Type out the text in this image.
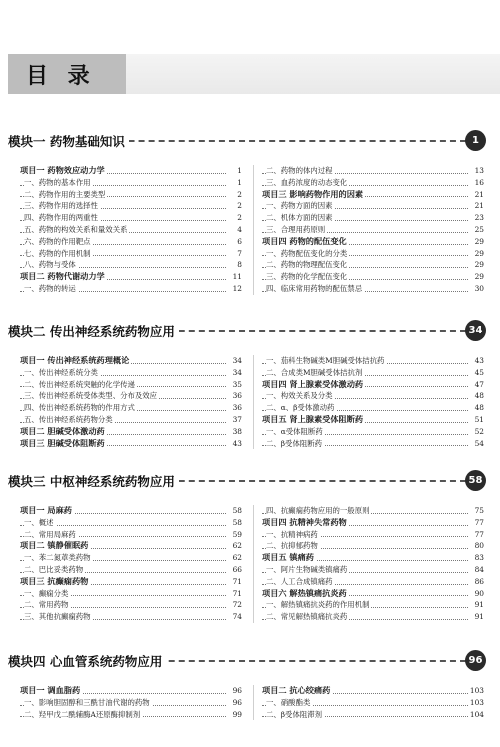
目 录
模块一 药物基础知识	1
项目一 药物效应动力学	1
一、药物的基本作用	1
二、药物作用的主要类型	2
三、药物作用的选择性	2
四、药物作用的两重性	2
五、药物的构效关系和量效关系	4
六、药物的作用靶点	6
七、药物的作用机制	7
八、药物与受体	8
项目二 药物代谢动力学	11
一、药物的转运	12
二、药物的体内过程	13
三、血药浓度的动态变化	16
项目三 影响药物作用的因素	21
一、药物方面的因素	21
二、机体方面的因素	23
三、合理用药原则	25
项目四 药物的配伍变化	29
一、药物配伍变化的分类	29
二、药物的物理配伍变化	29
三、药物的化学配伍变化	29
四、临床常用药物的配伍禁忌	30
模块二 传出神经系统药物应用	34
项目一 传出神经系统药理概论	34
一、传出神经系统分类	34
二、传出神经系统突触的化学传递	35
三、传出神经系统受体类型、分布及效应	36
四、传出神经系统药物的作用方式	36
五、传出神经系统药物分类	37
项目二 胆碱受体激动药	38
项目三 胆碱受体阻断药	43
一、茄科生物碱类M胆碱受体拮抗药	43
二、合成类M胆碱受体拮抗剂	45
项目四 肾上腺素受体激动药	47
一、构效关系及分类	48
二、α、β受体激动药	48
项目五 肾上腺素受体阻断药	51
一、α受体阻断药	52
二、β受体阻断药	54
模块三 中枢神经系统药物应用	58
项目一 局麻药	58
一、概述	58
二、常用局麻药	59
项目二 镇静催眠药	62
一、苯二氮䓬类药物	62
二、巴比妥类药物	66
项目三 抗癫痫药物	71
一、癫痫分类	71
二、常用药物	72
三、其他抗癫痫药物	74
四、抗癫痫药物应用的一般原则	75
项目四 抗精神失常药物	77
一、抗精神病药	77
二、抗抑郁药物	80
项目五 镇痛药	83
一、阿片生物碱类镇痛药	84
二、人工合成镇痛药	86
项目六 解热镇痛抗炎药	90
一、解热镇痛抗炎药的作用机制	91
二、常见解热镇痛抗炎药	91
模块四 心血管系统药物应用	96
项目一 调血脂药	96
一、影响胆固醇和三酰甘油代谢的药物	96
二、羟甲戊二酰辅酶A还原酶抑制剂	99
项目二 抗心绞痛药	103
一、硝酸酯类	103
二、β受体阻滞剂	104
